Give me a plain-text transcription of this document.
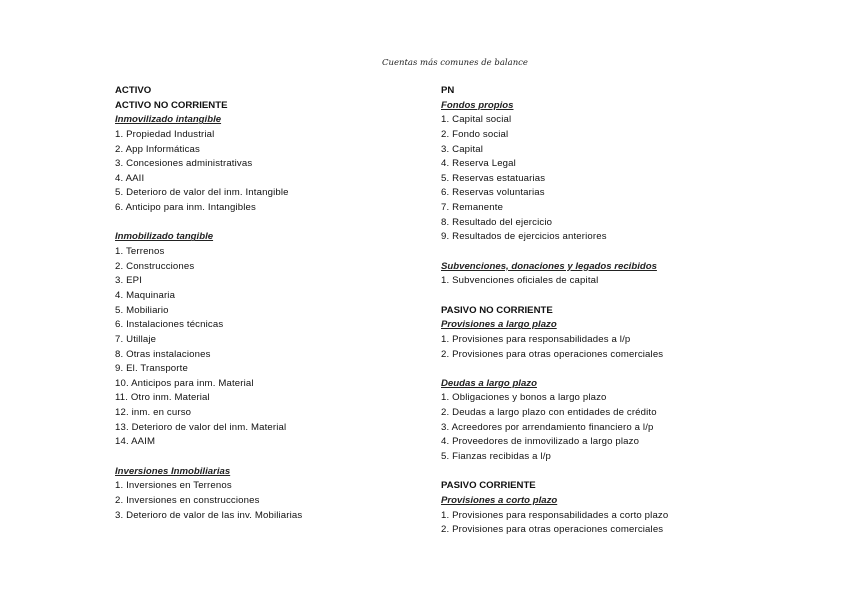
Cuentas más comunes de balance
ACTIVO
ACTIVO NO CORRIENTE
Inmovilizado intangible
1. Propiedad Industrial
2. App Informáticas
3. Concesiones administrativas
4. AAII
5. Deterioro de valor del inm. Intangible
6. Anticipo para inm. Intangibles
Inmobilizado tangible
1. Terrenos
2. Construcciones
3. EPI
4. Maquinaria
5. Mobiliario
6. Instalaciones técnicas
7. Utillaje
8. Otras instalaciones
9. El. Transporte
10. Anticipos para inm. Material
11. Otro inm. Material
12. inm. en curso
13. Deterioro de valor del inm. Material
14. AAIM
Inversiones Inmobiliarias
1. Inversiones en Terrenos
2. Inversiones en construcciones
3. Deterioro de valor de las inv. Mobiliarias
PN
Fondos propios
1. Capital social
2. Fondo social
3. Capital
4. Reserva Legal
5. Reservas estatuarias
6. Reservas voluntarias
7. Remanente
8. Resultado del ejercicio
9. Resultados de ejercicios anteriores
Subvenciones, donaciones y legados recibidos
1. Subvenciones oficiales de capital
PASIVO NO CORRIENTE
Provisiones a largo plazo
1. Provisiones para responsabilidades a l/p
2. Provisiones para otras operaciones comerciales
Deudas a largo plazo
1. Obligaciones y bonos a largo plazo
2. Deudas a largo plazo con entidades de crédito
3. Acreedores por arrendamiento financiero a l/p
4. Proveedores de inmovilizado a largo plazo
5. Fianzas recibidas a l/p
PASIVO CORRIENTE
Provisiones a corto plazo
1. Provisiones para responsabilidades a corto plazo
2. Provisiones para otras operaciones comerciales
